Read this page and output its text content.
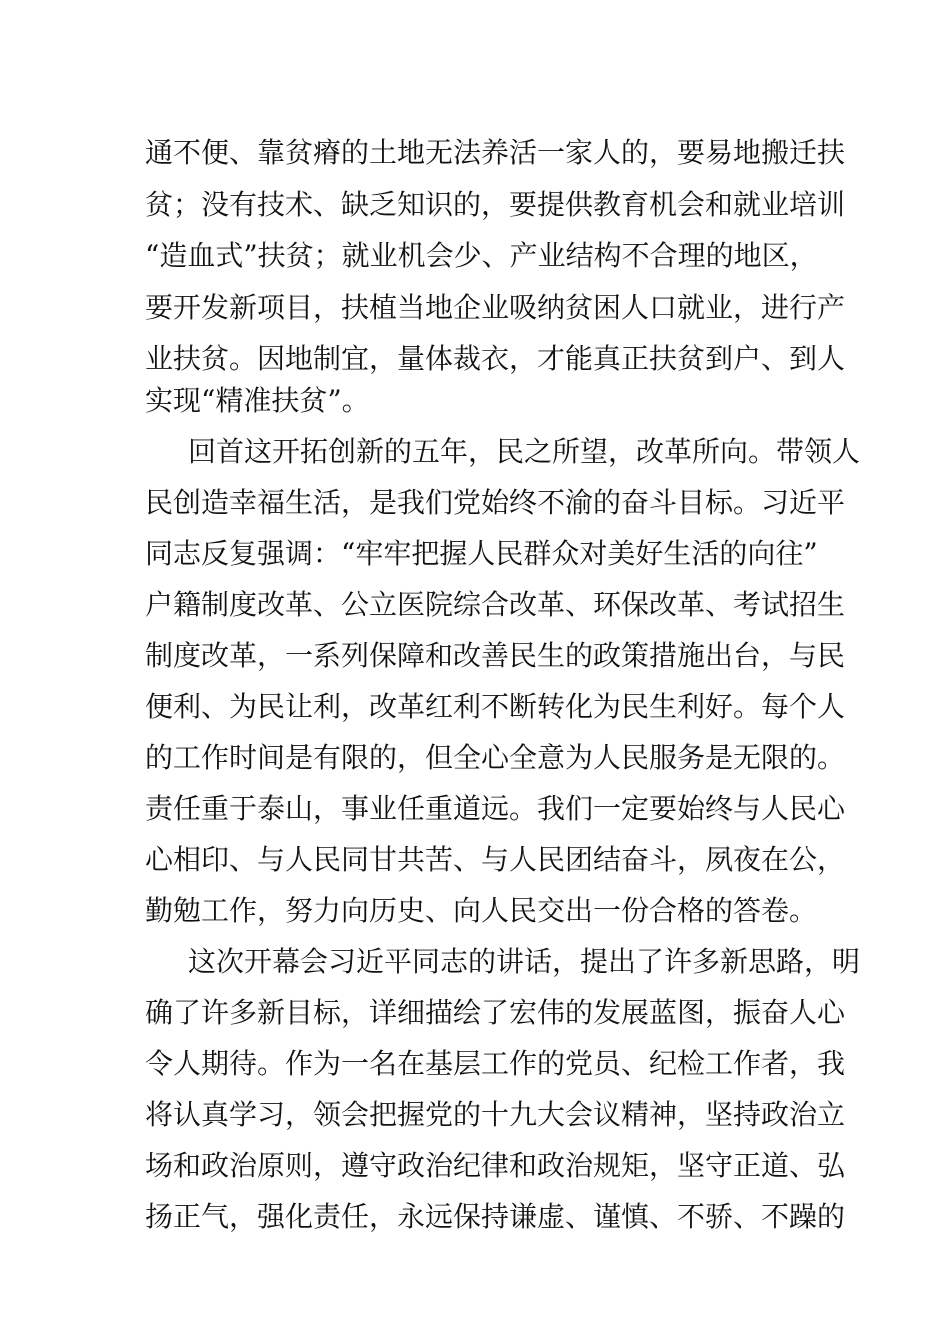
通不便、靠贫瘠的土地无法养活一家人的，要易地搬迁扶
贫；没有技术、缺乏知识的，要提供教育机会和就业培训
“造血式”扶贫；就业机会少、产业结构不合理的地区，
要开发新项目，扶植当地企业吸纳贫困人口就业，进行产
业扶贫。因地制宜，量体裁衣，才能真正扶贫到户、到人
实现“精准扶贫”。
回首这开拓创新的五年，民之所望，改革所向。带领人
民创造幸福生活，是我们党始终不渝的奋斗目标。习近平
同志反复强调：“牢牢把握人民群众对美好生活的向往”
户籍制度改革、公立医院综合改革、环保改革、考试招生
制度改革，一系列保障和改善民生的政策措施出台，与民
便利、为民让利，改革红利不断转化为民生利好。每个人
的工作时间是有限的，但全心全意为人民服务是无限的。
责任重于泰山，事业任重道远。我们一定要始终与人民心
心相印、与人民同甘共苦、与人民团结奋斗，夙夜在公，
勤勉工作，努力向历史、向人民交出一份合格的答卷。
这次开幕会习近平同志的讲话，提出了许多新思路，明
确了许多新目标，详细描绘了宏伟的发展蓝图，振奋人心
令人期待。作为一名在基层工作的党员、纪检工作者，我
将认真学习，领会把握党的十九大会议精神，坚持政治立
场和政治原则，遵守政治纪律和政治规矩，坚守正道、弘
扬正气，强化责任，永远保持谦虚、谨慎、不骄、不躁的
